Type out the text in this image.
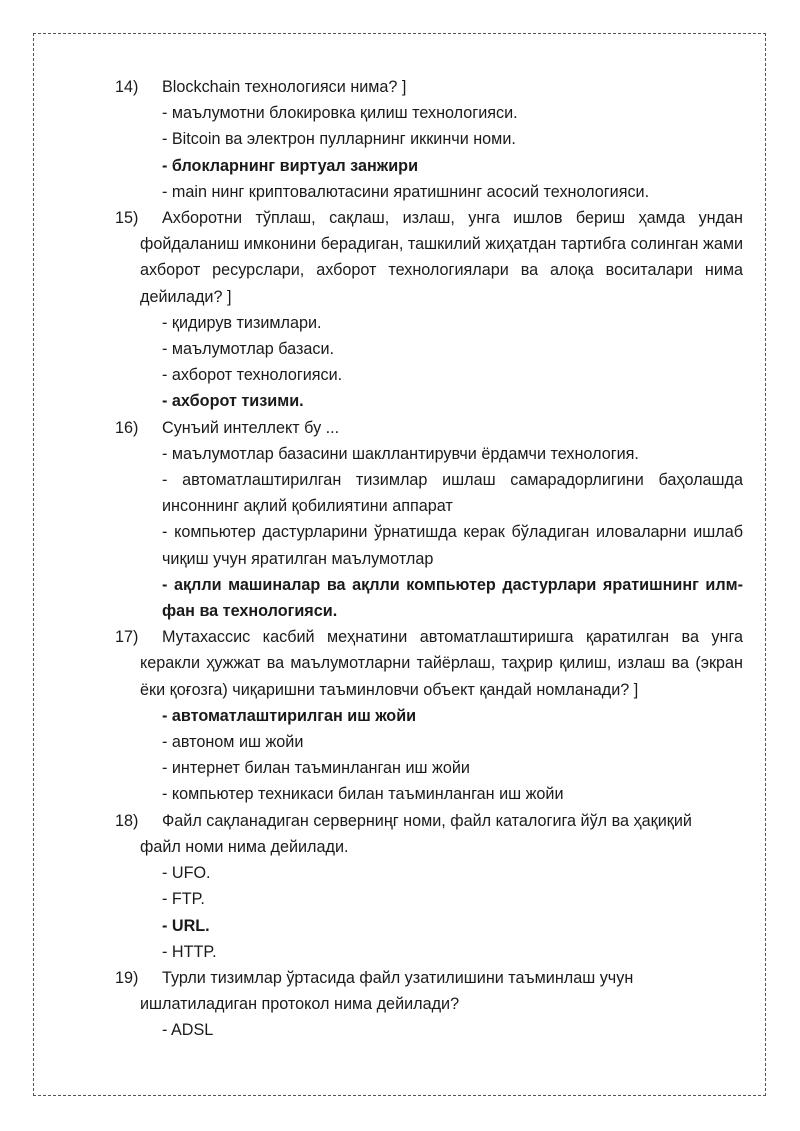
14)	Blockchain технологияси нима? ]
- маълумотни блокировка қилиш технологияси.
- Bitcoin ва электрон пулларнинг иккинчи номи.
- блокларнинг виртуал занжири
- main нинг криптовалютасини яратишнинг асосий технологияси.
15)	Ахборотни тўплаш, сақлаш, излаш, унга ишлов бериш ҳамда ундан
фойдаланиш имконини берадиган, ташкилий жиҳатдан тартибга солинган жами ахборот ресурслари, ахборот технологиялари ва алоқа воситалари нима дейилади? ]
- қидирув тизимлари.
- маълумотлар базаси.
- ахборот технологияси.
- ахборот тизими.
16)	Сунъий интеллект бу ...
- маълумотлар базасини шакллантирувчи ёрдамчи технология.
- автоматлаштирилган тизимлар ишлаш самарадорлигини баҳолашда инсоннинг ақлий қобилиятини аппарат
- компьютер дастурларини ўрнатишда керак бўладиган иловаларни ишлаб чиқиш учун яратилган маълумотлар
- ақлли машиналар ва ақлли компьютер дастурлари яратишнинг илм-фан ва технологияси.
17)	Мутахассис касбий меҳнатини автоматлаштиришга қаратилган ва унга
керакли ҳужжат ва маълумотларни тайёрлаш, таҳрир қилиш, излаш ва (экран ёки қоғозга) чиқаришни таъминловчи объект қандай номланади? ]
- автоматлаштирилган иш жойи
- автоном иш жойи
- интернет билан таъминланган иш жойи
- компьютер техникаси билан таъминланган иш жойи
18)	Файл сақланадиган серверниңг номи, файл каталогига йўл ва ҳақиқий
файл номи нима дейилади.
- UFO.
- FTP.
- URL.
- HTTP.
19)	Турли тизимлар ўртасида файл узатилишини таъминлаш учун
ишлатиладиган протокол нима дейилади?
- ADSL
